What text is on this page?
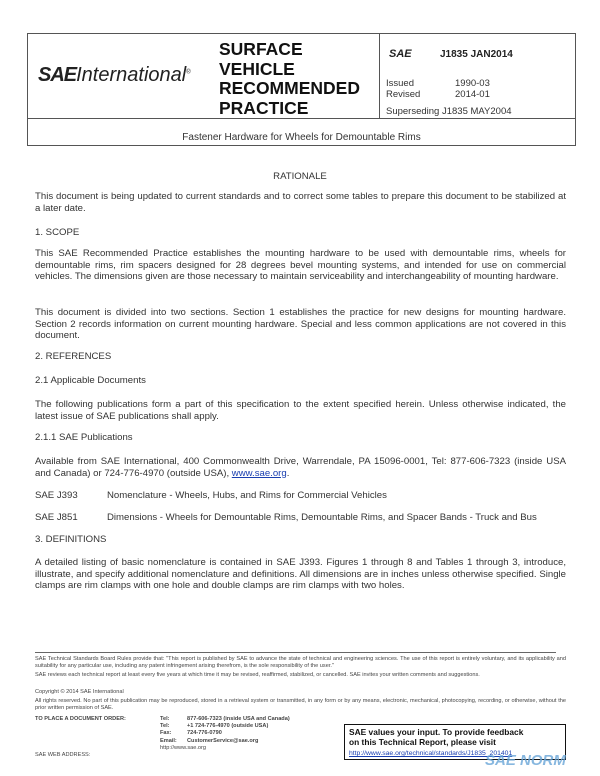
SAEInternational®
SURFACE
VEHICLE
RECOMMENDED
PRACTICE
SAE	J1835 JAN2014
Issued	1990-03
Revised	2014-01
Superseding J1835 MAY2004
Fastener Hardware for Wheels for Demountable Rims
RATIONALE
This document is being updated to current standards and to correct some tables to prepare this document to be stabilized at a later date.
1. SCOPE
This SAE Recommended Practice establishes the mounting hardware to be used with demountable rims, wheels for demountable rims, rim spacers designed for 28 degrees bevel mounting systems, and intended for use on commercial vehicles. The dimensions given are those necessary to maintain serviceability and interchangeability of mounting hardware.
This document is divided into two sections. Section 1 establishes the practice for new designs for mounting hardware. Section 2 records information on current mounting hardware. Special and less common applications are not covered in this document.
2. REFERENCES
2.1 Applicable Documents
The following publications form a part of this specification to the extent specified herein. Unless otherwise indicated, the latest issue of SAE publications shall apply.
2.1.1 SAE Publications
Available from SAE International, 400 Commonwealth Drive, Warrendale, PA 15096-0001, Tel: 877-606-7323 (inside USA and Canada) or 724-776-4970 (outside USA), www.sae.org.
SAE J393	Nomenclature - Wheels, Hubs, and Rims for Commercial Vehicles
SAE J851	Dimensions - Wheels for Demountable Rims, Demountable Rims, and Spacer Bands - Truck and Bus
3. DEFINITIONS
A detailed listing of basic nomenclature is contained in SAE J393. Figures 1 through 8 and Tables 1 through 3, introduce, illustrate, and specify additional nomenclature and definitions. All dimensions are in inches unless otherwise specified. Single clamps are rim clamps with one hole and double clamps are rim clamps with two holes.
SAE Technical Standards Board Rules provide that: "This report is published by SAE to advance the state of technical and engineering sciences. The use of this report is entirely voluntary, and its applicability and suitability for any particular use, including any patent infringement arising therefrom, is the sole responsibility of the user."
SAE reviews each technical report at least every five years at which time it may be revised, reaffirmed, stabilized, or cancelled. SAE invites your written comments and suggestions.
Copyright © 2014 SAE International
All rights reserved. No part of this publication may be reproduced, stored in a retrieval system or transmitted, in any form or by any means, electronic, mechanical, photocopying, recording, or otherwise, without the prior written permission of SAE.
TO PLACE A DOCUMENT ORDER:	Tel:	877-606-7323 (inside USA and Canada)
Tel:	+1 724-776-4970 (outside USA)
Fax:	724-776-0790
Email: CustomerService@sae.org
http://www.sae.org
SAE WEB ADDRESS:
SAE values your input. To provide feedback
on this Technical Report, please visit
http://www.sae.org/technical/standards/J1835_201401
SAE NORM
